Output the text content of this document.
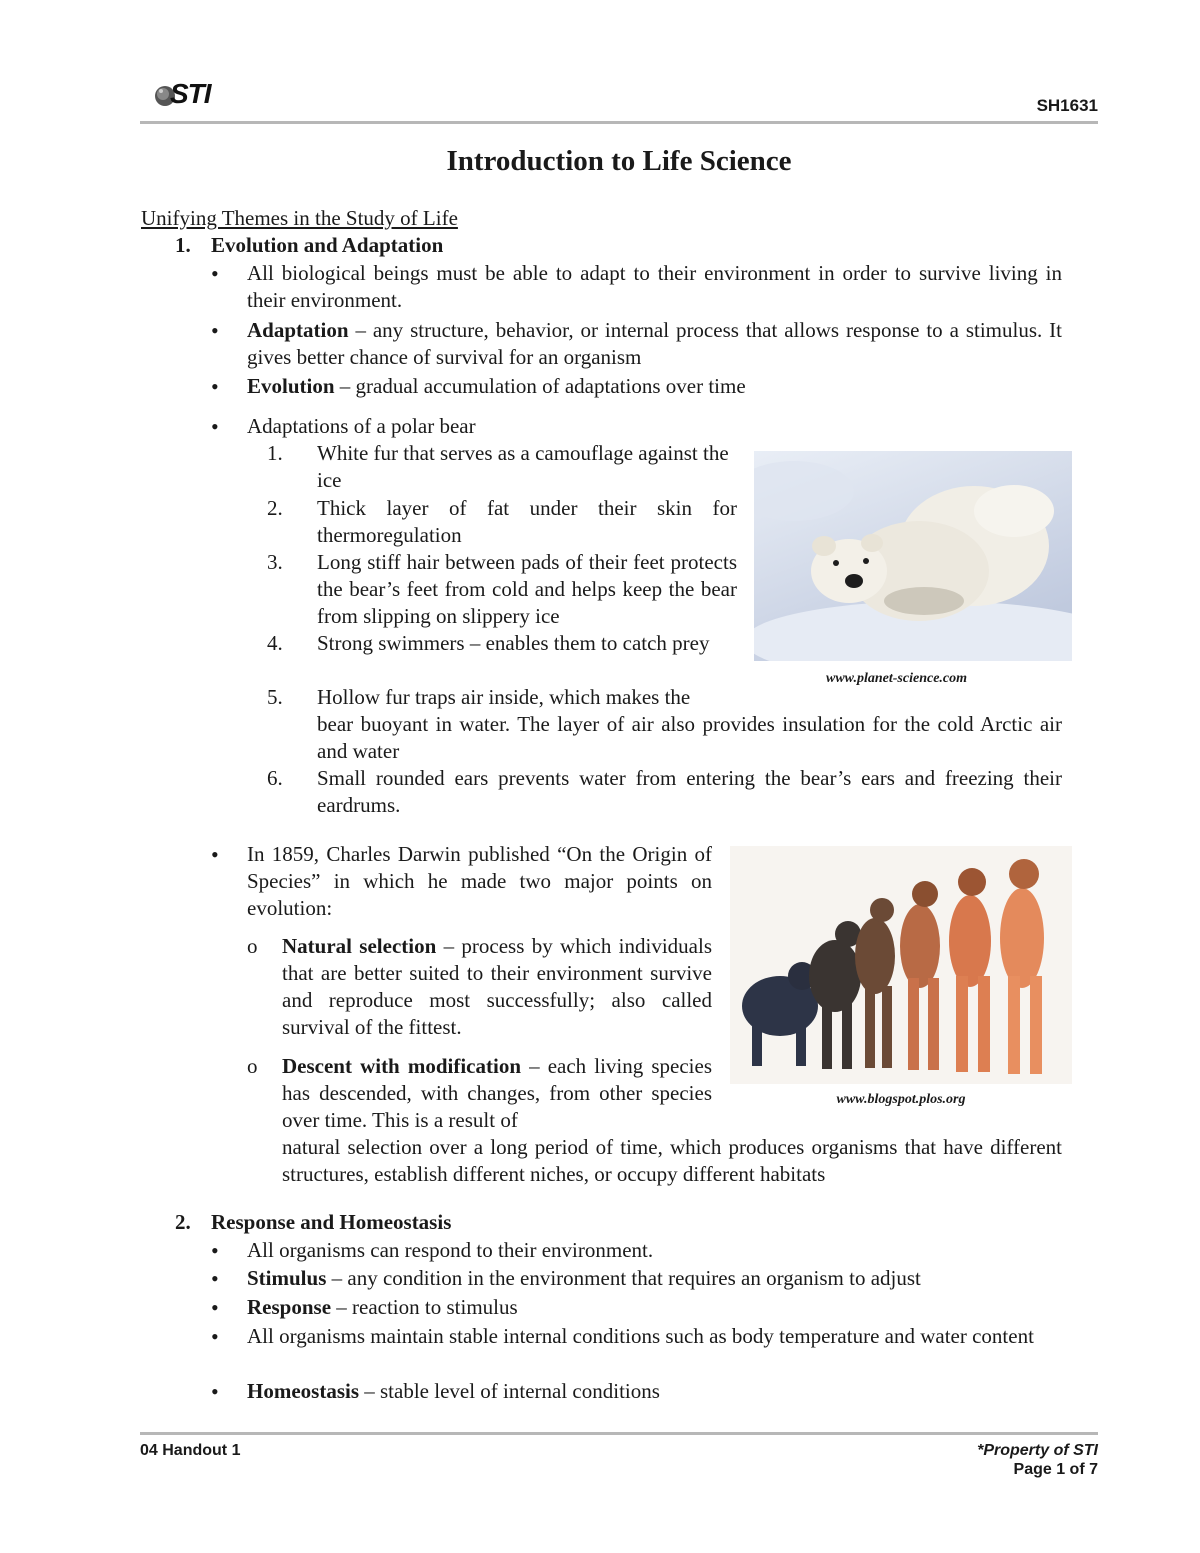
STI	SH1631
Introduction to Life Science
Unifying Themes in the Study of Life
1. Evolution and Adaptation
• All biological beings must be able to adapt to their environment in order to survive living in their environment.
• Adaptation – any structure, behavior, or internal process that allows response to a stimulus. It gives better chance of survival for an organism
• Evolution – gradual accumulation of adaptations over time
• Adaptations of a polar bear
1. White fur that serves as a camouflage against the ice
2. Thick layer of fat under their skin for thermoregulation
3. Long stiff hair between pads of their feet protects the bear’s feet from cold and helps keep the bear from slipping on slippery ice
4. Strong swimmers – enables them to catch prey
5. Hollow fur traps air inside, which makes the
bear buoyant in water. The layer of air also provides insulation for the cold Arctic air and water
6. Small rounded ears prevents water from entering the bear’s ears and freezing their eardrums.
www.planet-science.com
• In 1859, Charles Darwin published “On the Origin of Species” in which he made two major points on evolution:
o Natural selection – process by which individuals that are better suited to their environment survive and reproduce most successfully; also called survival of the fittest.
o Descent with modification – each living species has descended, with changes, from other species over time. This is a result of
natural selection over a long period of time, which produces organisms that have different structures, establish different niches, or occupy different habitats
www.blogspot.plos.org
2. Response and Homeostasis
• All organisms can respond to their environment.
• Stimulus – any condition in the environment that requires an organism to adjust
• Response – reaction to stimulus
• All organisms maintain stable internal conditions such as body temperature and water content
• Homeostasis – stable level of internal conditions
04 Handout 1	*Property of STI
Page 1 of 7
